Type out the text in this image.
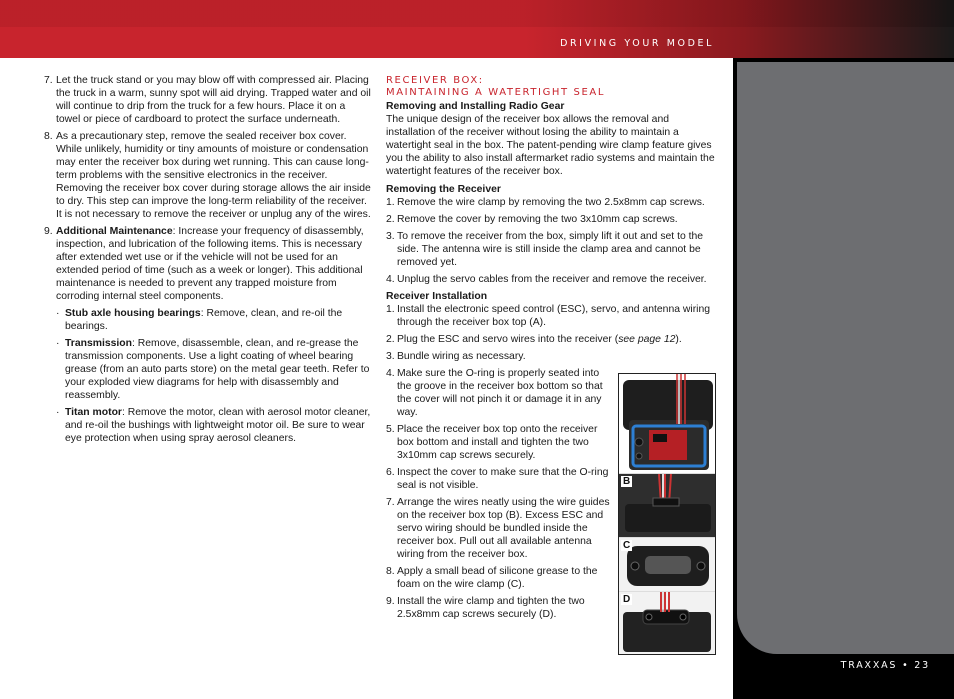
DRIVING YOUR MODEL
TRAXXAS • 23
7. Let the truck stand or you may blow off with compressed air. Placing the truck in a warm, sunny spot will aid drying. Trapped water and oil will continue to drip from the truck for a few hours. Place it on a towel or piece of cardboard to protect the surface underneath.
8. As a precautionary step, remove the sealed receiver box cover. While unlikely, humidity or tiny amounts of moisture or condensation may enter the receiver box during wet running. This can cause long-term problems with the sensitive electronics in the receiver. Removing the receiver box cover during storage allows the air inside to dry. This step can improve the long-term reliability of the receiver. It is not necessary to remove the receiver or unplug any of the wires.
9. Additional Maintenance: Increase your frequency of disassembly, inspection, and lubrication of the following items. This is necessary after extended wet use or if the vehicle will not be used for an extended period of time (such as a week or longer). This additional maintenance is needed to prevent any trapped moisture from corroding internal steel components.
· Stub axle housing bearings: Remove, clean, and re-oil the bearings.
· Transmission: Remove, disassemble, clean, and re-grease the transmission components. Use a light coating of wheel bearing grease (from an auto parts store) on the metal gear teeth. Refer to your exploded view diagrams for help with disassembly and reassembly.
· Titan motor: Remove the motor, clean with aerosol motor cleaner, and re-oil the bushings with lightweight motor oil. Be sure to wear eye protection when using spray aerosol cleaners.
RECEIVER BOX:
MAINTAINING A WATERTIGHT SEAL
Removing and Installing Radio Gear
The unique design of the receiver box allows the removal and installation of the receiver without losing the ability to maintain a watertight seal in the box. The patent-pending wire clamp feature gives you the ability to also install aftermarket radio systems and maintain the watertight features of the receiver box.
Removing the Receiver
1. Remove the wire clamp by removing the two 2.5x8mm cap screws.
2. Remove the cover by removing the two 3x10mm cap screws.
3. To remove the receiver from the box, simply lift it out and set to the side. The antenna wire is still inside the clamp area and cannot be removed yet.
4. Unplug the servo cables from the receiver and remove the receiver.
Receiver Installation
1. Install the electronic speed control (ESC), servo, and antenna wiring through the receiver box top (A).
2. Plug the ESC and servo wires into the receiver (see page 12).
3. Bundle wiring as necessary.
4. Make sure the O-ring is properly seated into the groove in the receiver box bottom so that the cover will not pinch it or damage it in any way.
5. Place the receiver box top onto the receiver box bottom and install and tighten the two 3x10mm cap screws securely.
6. Inspect the cover to make sure that the O-ring seal is not visible.
7. Arrange the wires neatly using the wire guides on the receiver box top (B). Excess ESC and servo wiring should be bundled inside the receiver box. Pull out all available antenna wiring from the receiver box.
8. Apply a small bead of silicone grease to the foam on the wire clamp (C).
9. Install the wire clamp and tighten the two 2.5x8mm cap screws securely (D).
B
C
D
